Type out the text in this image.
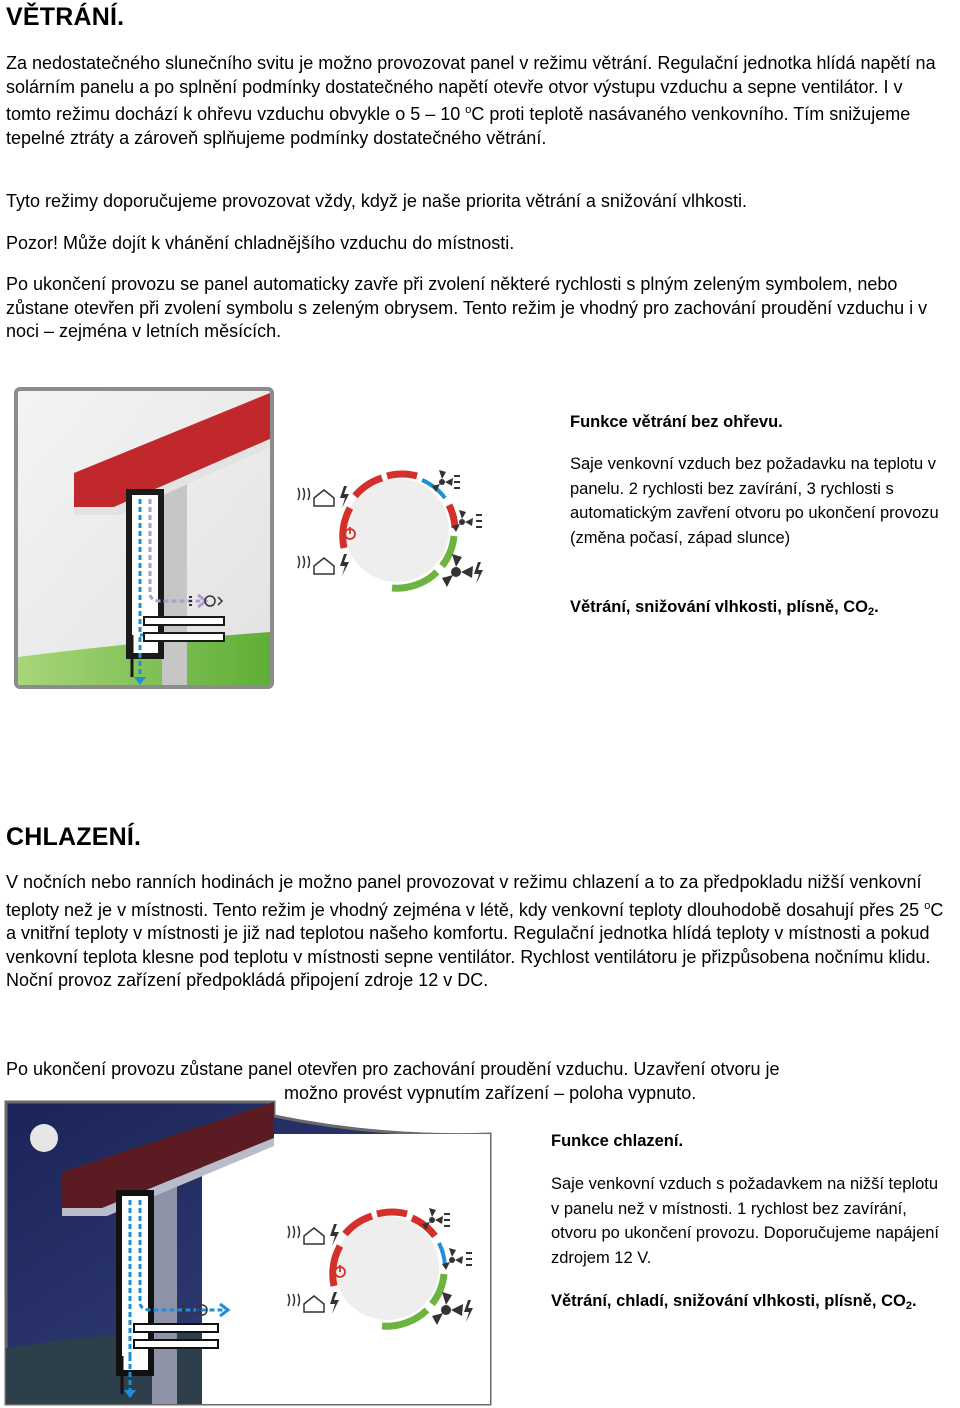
VĚTRÁNÍ.

Za nedostatečného slunečního svitu je možno provozovat panel v režimu větrání. Regulační jednotka hlídá napětí na solárním panelu a po splnění podmínky dostatečného napětí otevře otvor výstupu vzduchu a sepne ventilátor. I v tomto režimu dochází k ohřevu vzduchu obvykle o 5 – 10 $^o$C proti teplotě nasávaného venkovního. Tím snižujeme tepelné ztráty a zároveň splňujeme podmínky dostatečného větrání.

Tyto režimy doporučujeme provozovat vždy, když je naše priorita větrání a snižování vlhkosti.

Pozor! Může dojít k vhánění chladnějšího vzduchu do místnosti.

Po ukončení provozu se panel automaticky zavře při zvolení některé rychlosti s plným zeleným symbolem, nebo zůstane otevřen při zvolení symbolu s zeleným obrysem. Tento režim je vhodný pro zachování proudění vzduchu i v noci – zejména v letních měsících.

Funkce větrání bez ohřevu.

Saje venkovní vzduch bez požadavku na teplotu v panelu. 2 rychlosti bez zavírání, 3 rychlosti s automatickým zavření otvoru po ukončení provozu (změna počasí, západ slunce)

Větrání, snižování vlhkosti, plísně, $CO_2$.

CHLAZENÍ.

V nočních nebo ranních hodinách je možno panel provozovat v režimu chlazení a to za předpokladu nižší venkovní teploty než je v místnosti. Tento režim je vhodný zejména v létě, kdy venkovní teploty dlouhodobě dosahují přes 25 $^o$C a vnitřní teploty v místnosti je již nad teplotou našeho komfortu. Regulační jednotka hlídá teploty v místnosti a pokud venkovní teplota klesne pod teplotu v místnosti sepne ventilátor. Rychlost ventilátoru je přizpůsobena nočnímu klidu. Noční provoz zařízení předpokládá připojení zdroje 12 v DC.

Po ukončení provozu zůstane panel otevřen pro zachování proudění vzduchu. Uzavření otvoru je
možno provést vypnutím zařízení – poloha vypnuto.

Funkce chlazení.

Saje venkovní vzduch s požadavkem na nižší teplotu v panelu než v místnosti. 1 rychlost bez zavírání, otvoru po ukončení provozu. Doporučujeme napájení zdrojem 12 V.

Větrání, chladí, snižování vlhkosti, plísně, $CO_2$.
